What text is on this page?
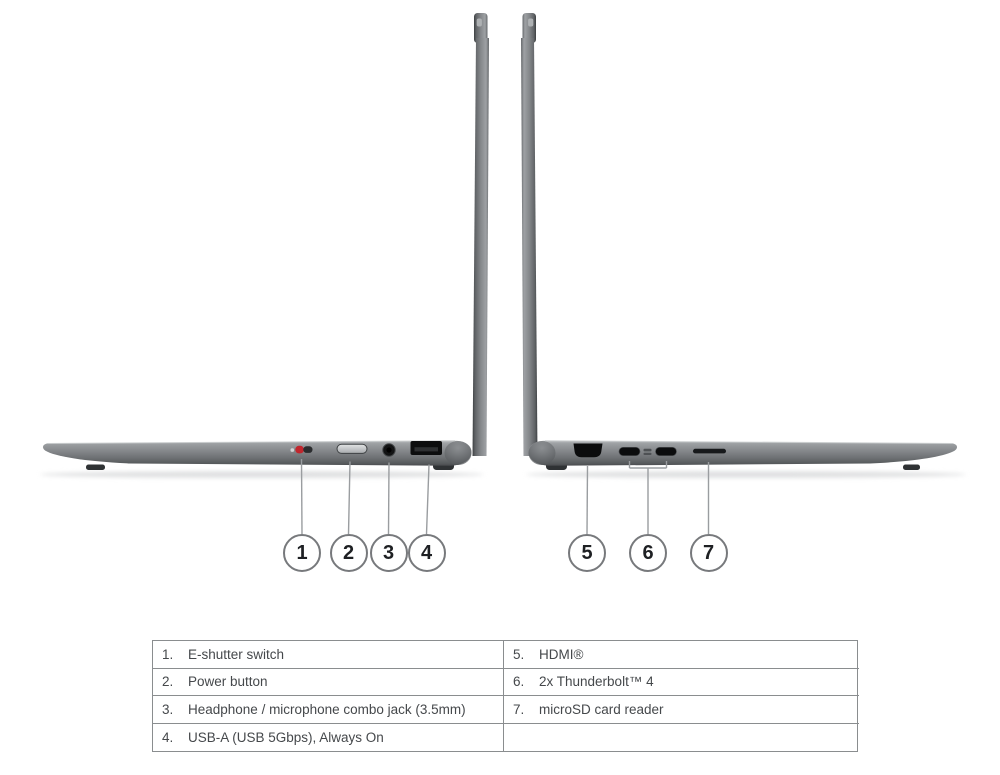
1	2	3	4	5	6	7
1.	E-shutter switch	5.	HDMI®
2.	Power button	6.	2x Thunderbolt™ 4
3.	Headphone / microphone combo jack (3.5mm)	7.	microSD card reader
4.	USB-A (USB 5Gbps), Always On
